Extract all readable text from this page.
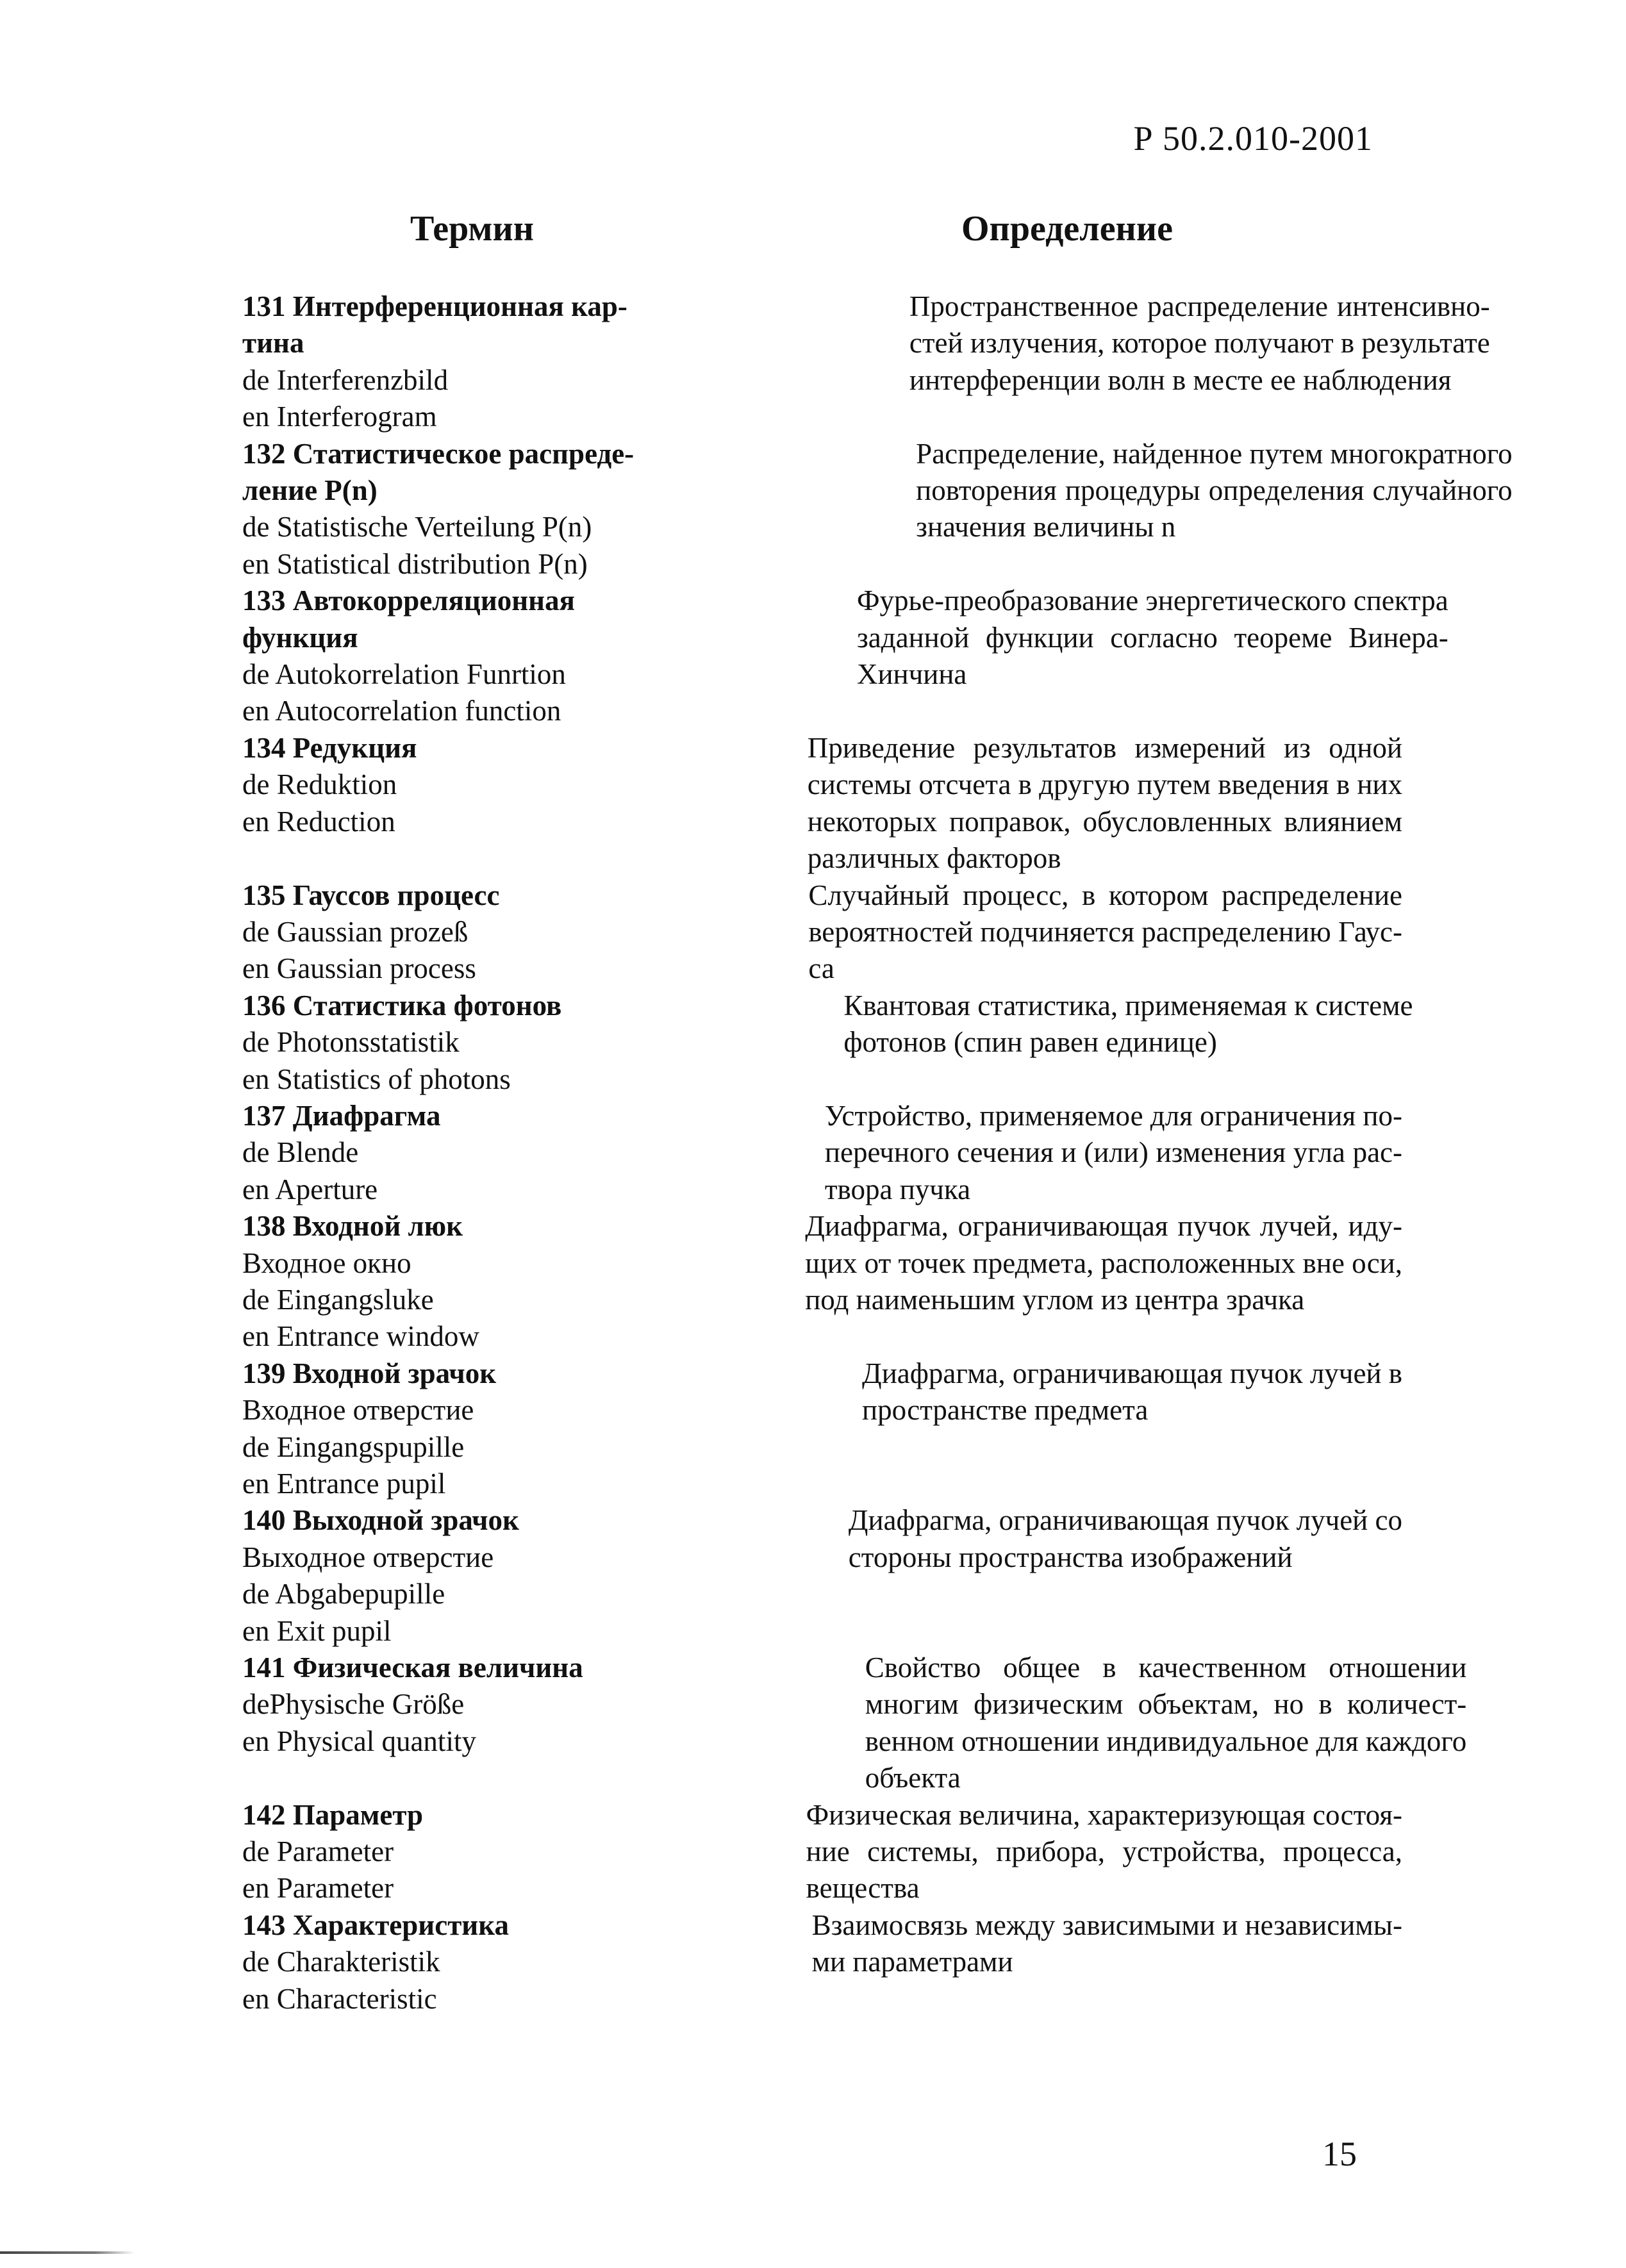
Р 50.2.010-2001
Термин	Определение
131 Интерференционная кар-
тина
de Interferenzbild
en Interferogram
Пространственное распределение интенсивно-
стей излучения, которое получают в результате
интерференции волн в месте ее наблюдения
132 Статистическое распреде-
ление P(n)
de Statistische Verteilung P(n)
en Statistical distribution P(n)
Распределение, найденное путем многократного
повторения процедуры определения случайного
значения величины n
133 Автокорреляционная
функция
de Autokorrelation Funrtion
en Autocorrelation function
Фурье-преобразование энергетического спектра
заданной функции согласно теореме Винера-
Хинчина
134 Редукция
de Reduktion
en Reduction
Приведение результатов измерений из одной
системы отсчета в другую путем введения в них
некоторых поправок, обусловленных влиянием
различных факторов
135 Гауссов процесс
de Gaussian prozeß
en Gaussian process
Случайный процесс, в котором распределение
вероятностей подчиняется распределению Гаус-
са
136 Статистика фотонов
de Photonsstatistik
en Statistics of photons
Квантовая статистика, применяемая к системе
фотонов (спин равен единице)
137 Диафрагма
de Blende
en Aperture
Устройство, применяемое для ограничения по-
перечного сечения и (или) изменения угла рас-
твора пучка
138 Входной люк
Входное окно
de Eingangsluke
en Entrance window
Диафрагма, ограничивающая пучок лучей, иду-
щих от точек предмета, расположенных вне оси,
под наименьшим углом из центра зрачка
139 Входной зрачок
Входное отверстие
de Eingangspupille
en Entrance pupil
Диафрагма, ограничивающая пучок лучей в
пространстве предмета
140 Выходной зрачок
Выходное отверстие
de Abgabepupille
en Exit pupil
Диафрагма, ограничивающая пучок лучей со
стороны пространства изображений
141 Физическая величина
dePhysische Größe
en Physical quantity
Свойство общее в качественном отношении
многим физическим объектам, но в количест-
венном отношении индивидуальное для каждого
объекта
142 Параметр
de Parameter
en Parameter
Физическая величина, характеризующая состоя-
ние системы, прибора, устройства, процесса,
вещества
143 Характеристика
de Charakteristik
en Characteristic
Взаимосвязь между зависимыми и независимы-
ми параметрами
15
